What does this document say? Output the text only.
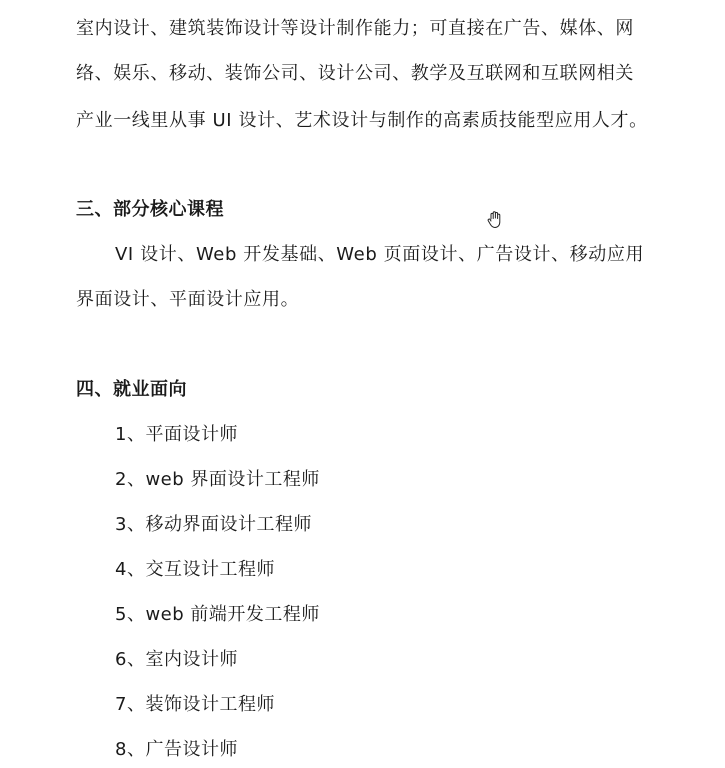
室内设计、建筑装饰设计等设计制作能力；可直接在广告、媒体、网
络、娱乐、移动、装饰公司、设计公司、教学及互联网和互联网相关
产业一线里从事 UI 设计、艺术设计与制作的高素质技能型应用人才。
三、部分核心课程
VI 设计、Web 开发基础、Web 页面设计、广告设计、移动应用
界面设计、平面设计应用。
四、就业面向
1、平面设计师
2、web 界面设计工程师
3、移动界面设计工程师
4、交互设计工程师
5、web 前端开发工程师
6、室内设计师
7、装饰设计工程师
8、广告设计师
